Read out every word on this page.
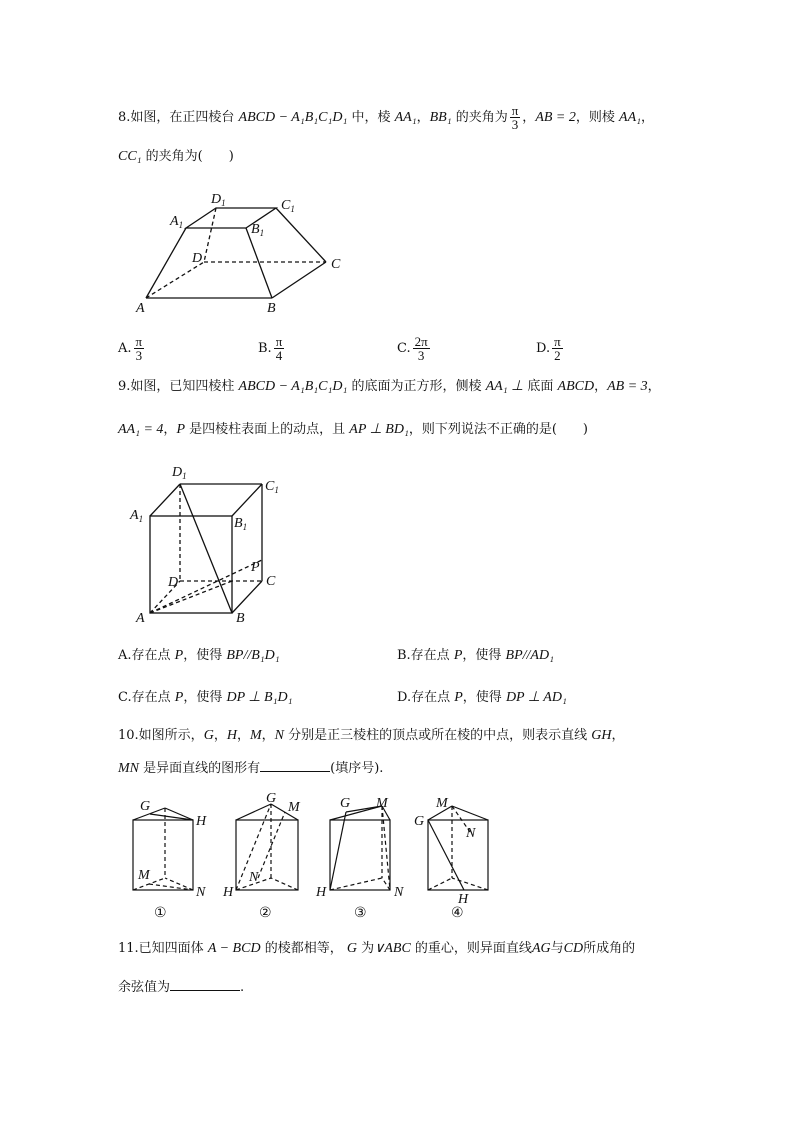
8.如图，在正四棱台 ABCD − A₁B₁C₁D₁ 中，棱 AA₁，BB₁ 的夹角为 $\frac{\pi}{3}$ ，AB = 2，则棱 AA₁，
CC₁ 的夹角为(　　)
$A_1$
$D_1$	$C_1$
$B_1$
D	C
A	B
A. $\frac{\pi}{3}$	B. $\frac{\pi}{4}$	C. $\frac{2\pi}{3}$	D. $\frac{\pi}{2}$
9.如图，已知四棱柱 ABCD − A₁B₁C₁D₁ 的底面为正方形，侧棱 AA₁ ⊥ 底面 ABCD，AB = 3，
AA₁ = 4，P 是四棱柱表面上的动点，且 AP ⊥ BD₁，则下列说法不正确的是(　　)
$D_1$
$C_1$
$A_1$	$B_1$
P
D	C
A	B
A.存在点 P，使得 BP//B₁D₁	B.存在点 P，使得 BP//AD₁
C.存在点 P，使得 DP ⊥ B₁D₁	D.存在点 P，使得 DP ⊥ AD₁
10.如图所示，G，H，M，N 分别是正三棱柱的顶点或所在棱的中点，则表示直线 GH，
MN 是异面直线的图形有	(填序号).
G
H
M
N
①
G
M
N
H
②
G M
H	N
③
M
G
N
H
④
11.已知四面体 A − BCD 的棱都相等， G 为∨ABC 的重心，则异面直线AG与CD所成角的
余弦值为	.
